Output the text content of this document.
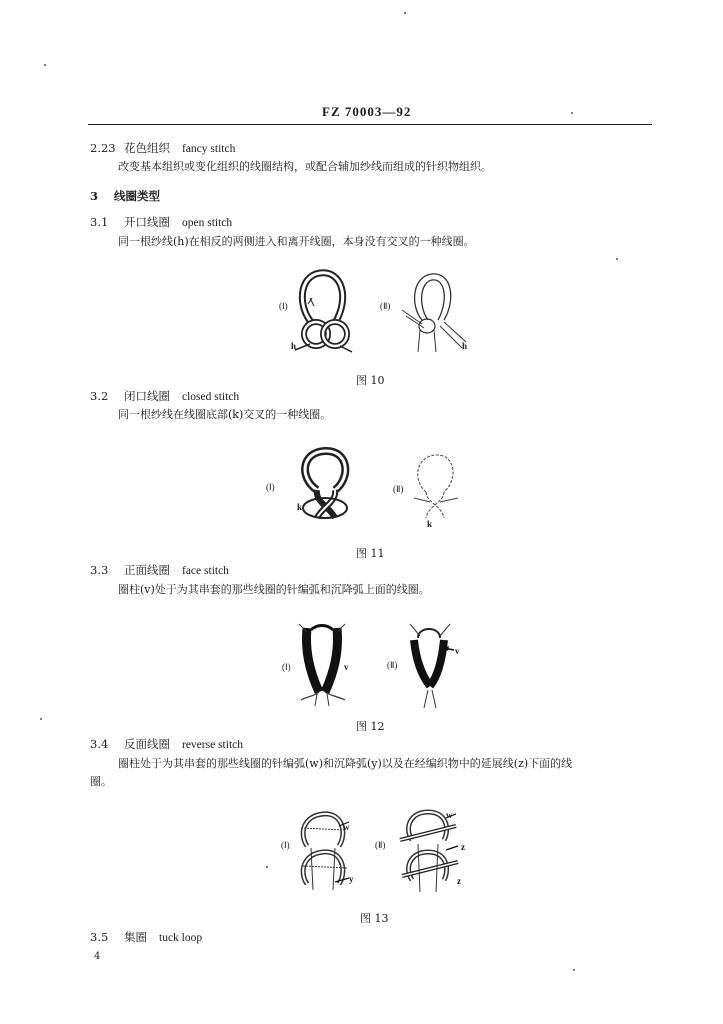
FZ 70003—92
2.23 花色组织 fancy stitch
改变基本组织或变化组织的线圈结构，或配合辅加纱线而组成的针织物组织。
3 线圈类型
3.1 开口线圈 open stitch
同一根纱线(h)在相反的两侧进入和离开线圈，本身没有交叉的一种线圈。
(Ⅰ)
h
(Ⅱ)
h
图 10
3.2 闭口线圈 closed stitch
同一根纱线在线圈底部(k)交叉的一种线圈。
(Ⅰ)
k
(Ⅱ)
k
图 11
3.3 正面线圈 face stitch
圈柱(v)处于为其串套的那些线圈的针编弧和沉降弧上面的线圈。
(Ⅰ)	v	(Ⅱ)
v
图 12
3.4 反面线圈 reverse stitch
圈柱处于为其串套的那些线圈的针编弧(w)和沉降弧(y)以及在经编织物中的延展线(z)下面的线
圈。
(Ⅰ)
w
y
(Ⅱ)
w
z
z
图 13
3.5 集圈 tuck loop
4
